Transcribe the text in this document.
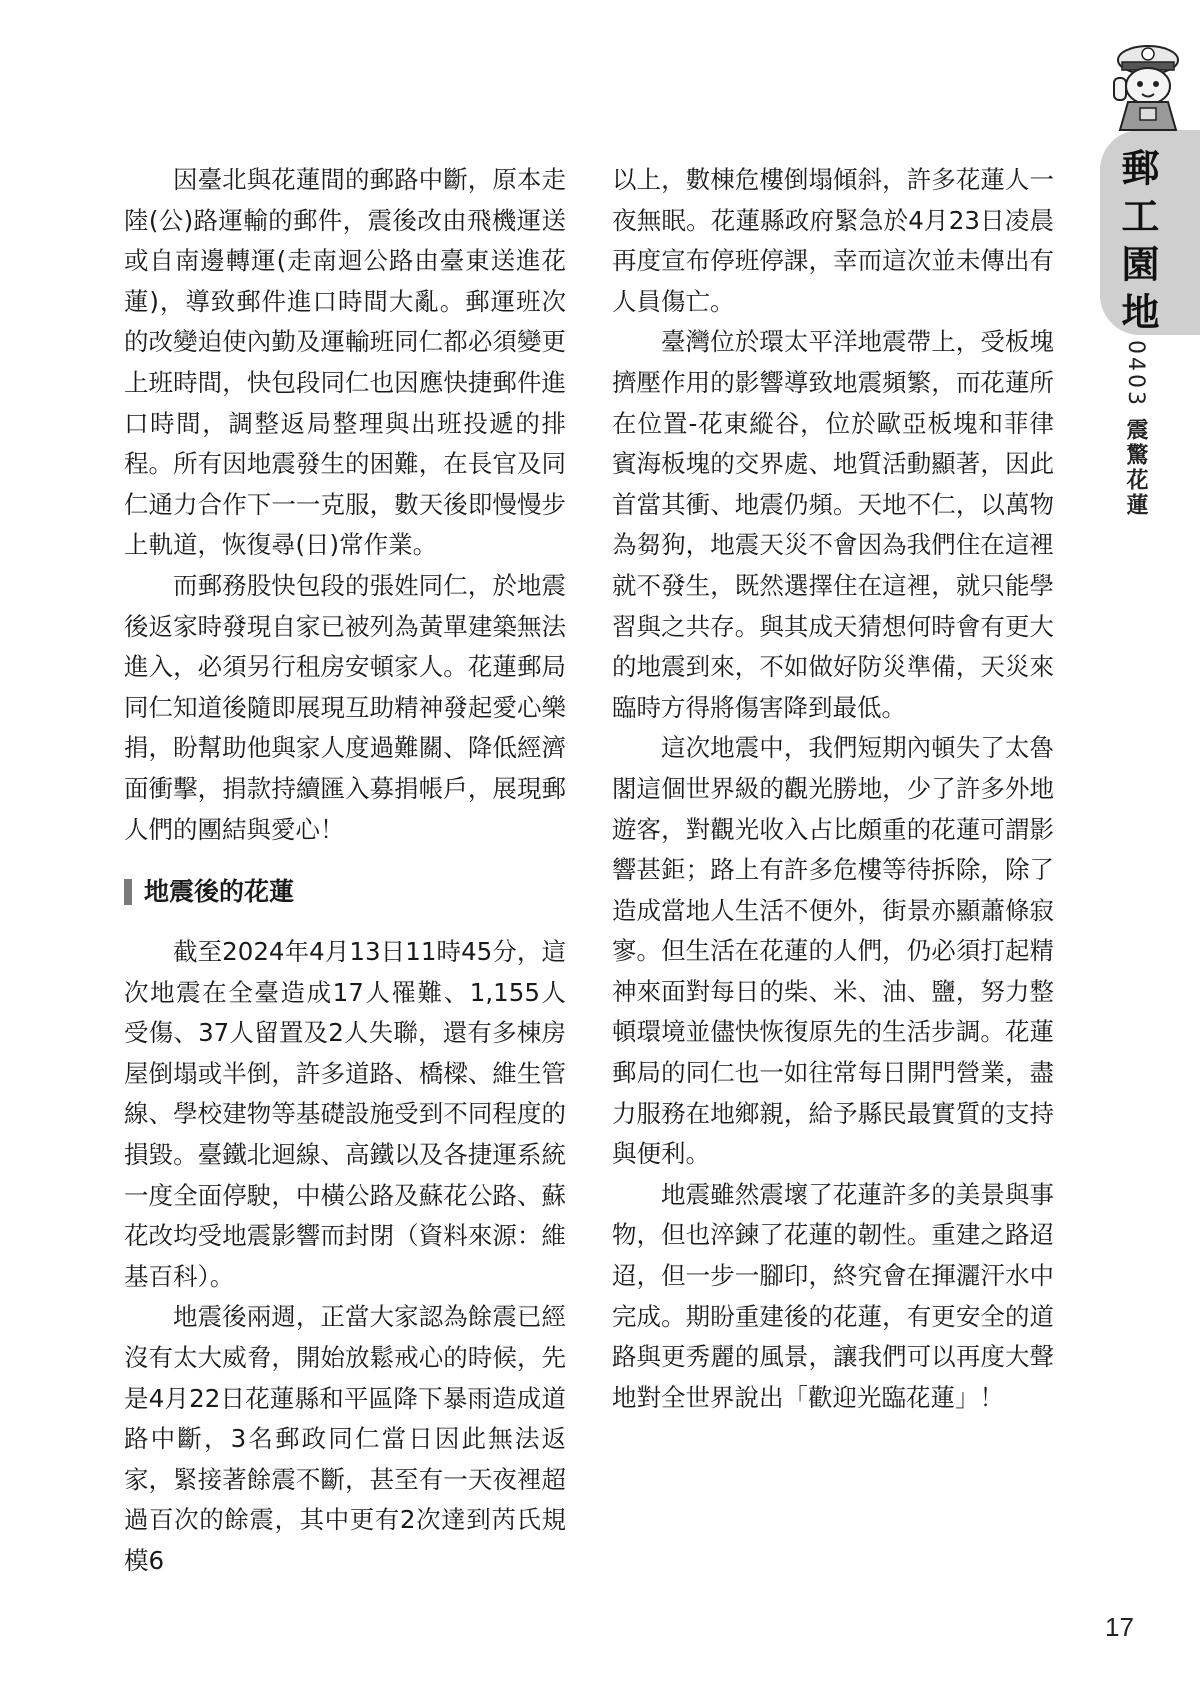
郵工園地
0403 震驚花蓮

因臺北與花蓮間的郵路中斷，原本走陸(公)路運輸的郵件，震後改由飛機運送或自南邊轉運(走南迴公路由臺東送進花蓮)，導致郵件進口時間大亂。郵運班次的改變迫使內勤及運輸班同仁都必須變更上班時間，快包段同仁也因應快捷郵件進口時間，調整返局整理與出班投遞的排程。所有因地震發生的困難，在長官及同仁通力合作下一一克服，數天後即慢慢步上軌道，恢復尋(日)常作業。

而郵務股快包段的張姓同仁，於地震後返家時發現自家已被列為黃單建築無法進入，必須另行租房安頓家人。花蓮郵局同仁知道後隨即展現互助精神發起愛心樂捐，盼幫助他與家人度過難關、降低經濟面衝擊，捐款持續匯入募捐帳戶，展現郵人們的團結與愛心！

地震後的花蓮

截至2024年4月13日11時45分，這次地震在全臺造成17人罹難、1,155人受傷、37人留置及2人失聯，還有多棟房屋倒塌或半倒，許多道路、橋樑、維生管線、學校建物等基礎設施受到不同程度的損毀。臺鐵北迴線、高鐵以及各捷運系統一度全面停駛，中橫公路及蘇花公路、蘇花改均受地震影響而封閉（資料來源：維基百科）。

地震後兩週，正當大家認為餘震已經沒有太大威脅，開始放鬆戒心的時候，先是4月22日花蓮縣和平區降下暴雨造成道路中斷，3名郵政同仁當日因此無法返家，緊接著餘震不斷，甚至有一天夜裡超過百次的餘震，其中更有2次達到芮氏規模6

以上，數棟危樓倒塌傾斜，許多花蓮人一夜無眠。花蓮縣政府緊急於4月23日凌晨再度宣布停班停課，幸而這次並未傳出有人員傷亡。

臺灣位於環太平洋地震帶上，受板塊擠壓作用的影響導致地震頻繁，而花蓮所在位置-花東縱谷，位於歐亞板塊和菲律賓海板塊的交界處、地質活動顯著，因此首當其衝、地震仍頻。天地不仁，以萬物為芻狗，地震天災不會因為我們住在這裡就不發生，既然選擇住在這裡，就只能學習與之共存。與其成天猜想何時會有更大的地震到來，不如做好防災準備，天災來臨時方得將傷害降到最低。

這次地震中，我們短期內頓失了太魯閣這個世界級的觀光勝地，少了許多外地遊客，對觀光收入占比頗重的花蓮可謂影響甚鉅；路上有許多危樓等待拆除，除了造成當地人生活不便外，街景亦顯蕭條寂寥。但生活在花蓮的人們，仍必須打起精神來面對每日的柴、米、油、鹽，努力整頓環境並儘快恢復原先的生活步調。花蓮郵局的同仁也一如往常每日開門營業，盡力服務在地鄉親，給予縣民最實質的支持與便利。

地震雖然震壞了花蓮許多的美景與事物，但也淬鍊了花蓮的韌性。重建之路迢迢，但一步一腳印，終究會在揮灑汗水中完成。期盼重建後的花蓮，有更安全的道路與更秀麗的風景，讓我們可以再度大聲地對全世界說出「歡迎光臨花蓮」！

17
